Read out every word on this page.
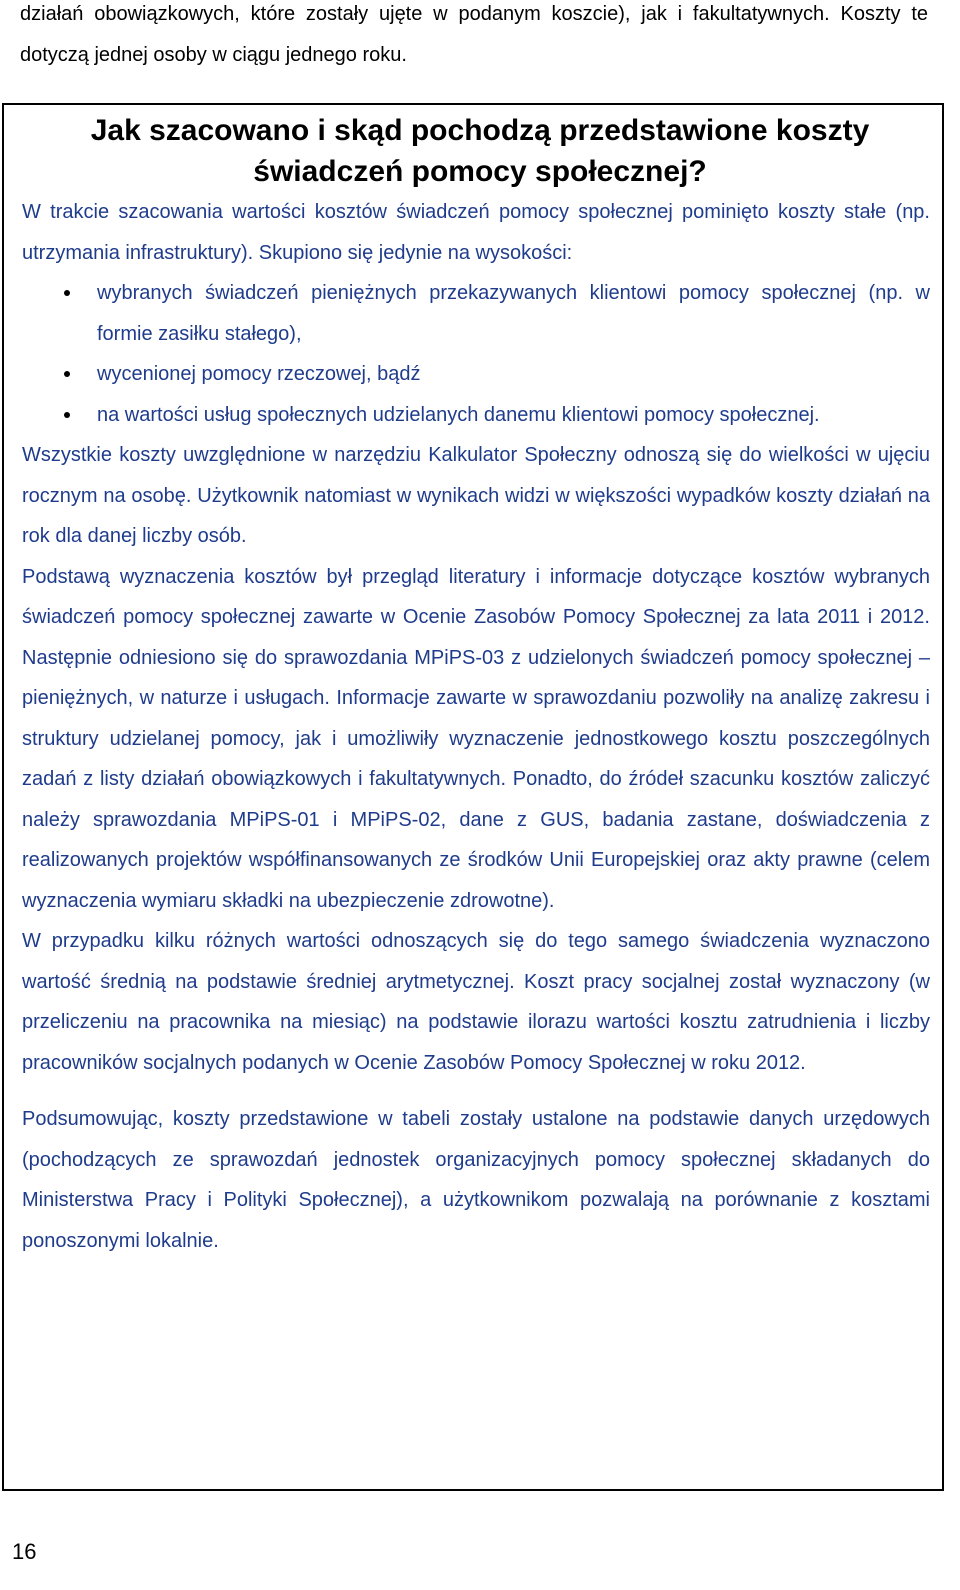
działań obowiązkowych, które zostały ujęte w podanym koszcie), jak i fakultatywnych. Koszty te dotyczą jednej osoby w ciągu jednego roku.

Jak szacowano i skąd pochodzą przedstawione koszty
świadczeń pomocy społecznej?

W trakcie szacowania wartości kosztów świadczeń pomocy społecznej pominięto koszty stałe (np. utrzymania infrastruktury). Skupiono się jedynie na wysokości:

wybranych świadczeń pieniężnych przekazywanych klientowi pomocy społecznej (np. w formie zasiłku stałego),
wycenionej pomocy rzeczowej, bądź
na wartości usług społecznych udzielanych danemu klientowi pomocy społecznej.

Wszystkie koszty uwzględnione w narzędziu Kalkulator Społeczny odnoszą się do wielkości w ujęciu rocznym na osobę. Użytkownik natomiast w wynikach widzi w większości wypadków koszty działań na rok dla danej liczby osób.

Podstawą wyznaczenia kosztów był przegląd literatury i informacje dotyczące kosztów wybranych świadczeń pomocy społecznej zawarte w Ocenie Zasobów Pomocy Społecznej za lata 2011 i 2012. Następnie odniesiono się do sprawozdania MPiPS-03 z udzielonych świadczeń pomocy społecznej – pieniężnych, w naturze i usługach. Informacje zawarte w sprawozdaniu pozwoliły na analizę zakresu i struktury udzielanej pomocy, jak i umożliwiły wyznaczenie jednostkowego kosztu poszczególnych zadań z listy działań obowiązkowych i fakultatywnych. Ponadto, do źródeł szacunku kosztów zaliczyć należy sprawozdania MPiPS-01 i MPiPS-02, dane z GUS, badania zastane, doświadczenia z realizowanych projektów współfinansowanych ze środków Unii Europejskiej oraz akty prawne (celem wyznaczenia wymiaru składki na ubezpieczenie zdrowotne).

W przypadku kilku różnych wartości odnoszących się do tego samego świadczenia wyznaczono wartość średnią na podstawie średniej arytmetycznej. Koszt pracy socjalnej został wyznaczony (w przeliczeniu na pracownika na miesiąc) na podstawie ilorazu wartości kosztu zatrudnienia i liczby pracowników socjalnych podanych w Ocenie Zasobów Pomocy Społecznej w roku 2012.

Podsumowując, koszty przedstawione w tabeli zostały ustalone na podstawie danych urzędowych (pochodzących ze sprawozdań jednostek organizacyjnych pomocy społecznej składanych do Ministerstwa Pracy i Polityki Społecznej), a użytkownikom pozwalają na porównanie z kosztami ponoszonymi lokalnie.

16
